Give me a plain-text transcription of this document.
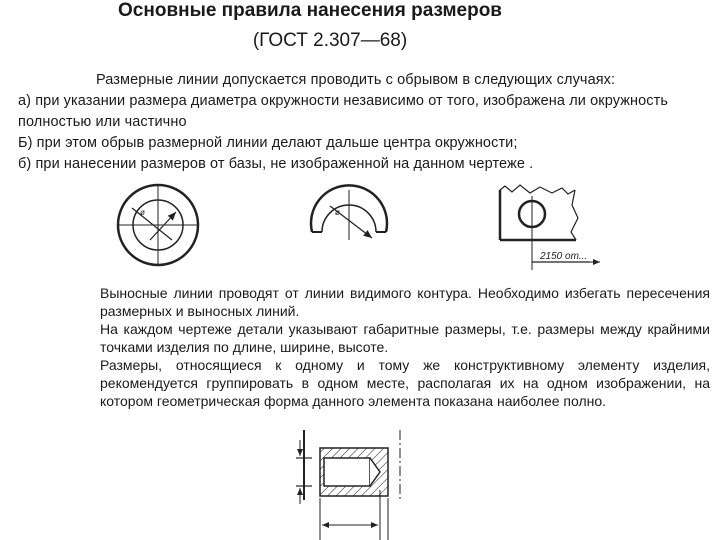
Основные правила нанесения размеров
(ГОСТ 2.307—68)

Размерные линии допускается проводить с обрывом в следующих случаях:

а) при указании размера диаметра окружности независимо от того, изображена ли окружность полностью или частично

Б) при этом обрыв размерной линии делают дальше центра окружности;

б) при нанесении размеров от базы, не изображенной на данном чертеже .

ø	ø
2150 от...

Выносные линии проводят от линии видимого контура. Необходимо избегать пересечения размерных и выносных линий.

На каждом чертеже детали указывают габаритные размеры, т.е. размеры между крайними точками изделия по длине, ширине, высоте.

Размеры, относящиеся к одному и тому же конструктивному элементу изделия, рекомендуется группировать в одном месте, располагая их на одном изображении, на котором геометрическая форма данного элемента показана наиболее полно.
